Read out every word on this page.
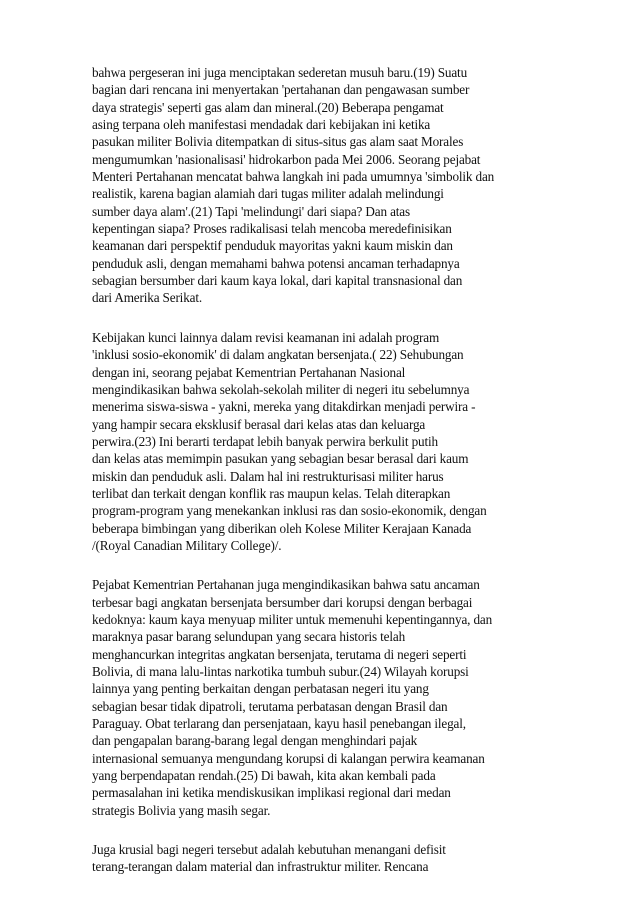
bahwa pergeseran ini juga menciptakan sederetan musuh baru.(19) Suatu
bagian dari rencana ini menyertakan 'pertahanan dan pengawasan sumber
daya strategis' seperti gas alam dan mineral.(20) Beberapa pengamat
asing terpana oleh manifestasi mendadak dari kebijakan ini ketika
pasukan militer Bolivia ditempatkan di situs-situs gas alam saat Morales
mengumumkan 'nasionalisasi' hidrokarbon pada Mei 2006. Seorang pejabat
Menteri Pertahanan mencatat bahwa langkah ini pada umumnya 'simbolik dan
realistik, karena bagian alamiah dari tugas militer adalah melindungi
sumber daya alam'.(21) Tapi 'melindungi' dari siapa? Dan atas
kepentingan siapa? Proses radikalisasi telah mencoba meredefinisikan
keamanan dari perspektif penduduk mayoritas yakni kaum miskin dan
penduduk asli, dengan memahami bahwa potensi ancaman terhadapnya
sebagian bersumber dari kaum kaya lokal, dari kapital transnasional dan
dari Amerika Serikat.
Kebijakan kunci lainnya dalam revisi keamanan ini adalah program
'inklusi sosio-ekonomik' di dalam angkatan bersenjata.( 22) Sehubungan
dengan ini, seorang pejabat Kementrian Pertahanan Nasional
mengindikasikan bahwa sekolah-sekolah militer di negeri itu sebelumnya
menerima siswa-siswa - yakni, mereka yang ditakdirkan menjadi perwira -
yang hampir secara eksklusif berasal dari kelas atas dan keluarga
perwira.(23) Ini berarti terdapat lebih banyak perwira berkulit putih
dan kelas atas memimpin pasukan yang sebagian besar berasal dari kaum
miskin dan penduduk asli. Dalam hal ini restrukturisasi militer harus
terlibat dan terkait dengan konflik ras maupun kelas. Telah diterapkan
program-program yang menekankan inklusi ras dan sosio-ekonomik, dengan
beberapa bimbingan yang diberikan oleh Kolese Militer Kerajaan Kanada
/(Royal Canadian Military College)/.
Pejabat Kementrian Pertahanan juga mengindikasikan bahwa satu ancaman
terbesar bagi angkatan bersenjata bersumber dari korupsi dengan berbagai
kedoknya: kaum kaya menyuap militer untuk memenuhi kepentingannya, dan
maraknya pasar barang selundupan yang secara historis telah
menghancurkan integritas angkatan bersenjata, terutama di negeri seperti
Bolivia, di mana lalu-lintas narkotika tumbuh subur.(24) Wilayah korupsi
lainnya yang penting berkaitan dengan perbatasan negeri itu yang
sebagian besar tidak dipatroli, terutama perbatasan dengan Brasil dan
Paraguay. Obat terlarang dan persenjataan, kayu hasil penebangan ilegal,
dan pengapalan barang-barang legal dengan menghindari pajak
internasional semuanya mengundang korupsi di kalangan perwira keamanan
yang berpendapatan rendah.(25) Di bawah, kita akan kembali pada
permasalahan ini ketika mendiskusikan implikasi regional dari medan
strategis Bolivia yang masih segar.
Juga krusial bagi negeri tersebut adalah kebutuhan menangani defisit
terang-terangan dalam material dan infrastruktur militer. Rencana
